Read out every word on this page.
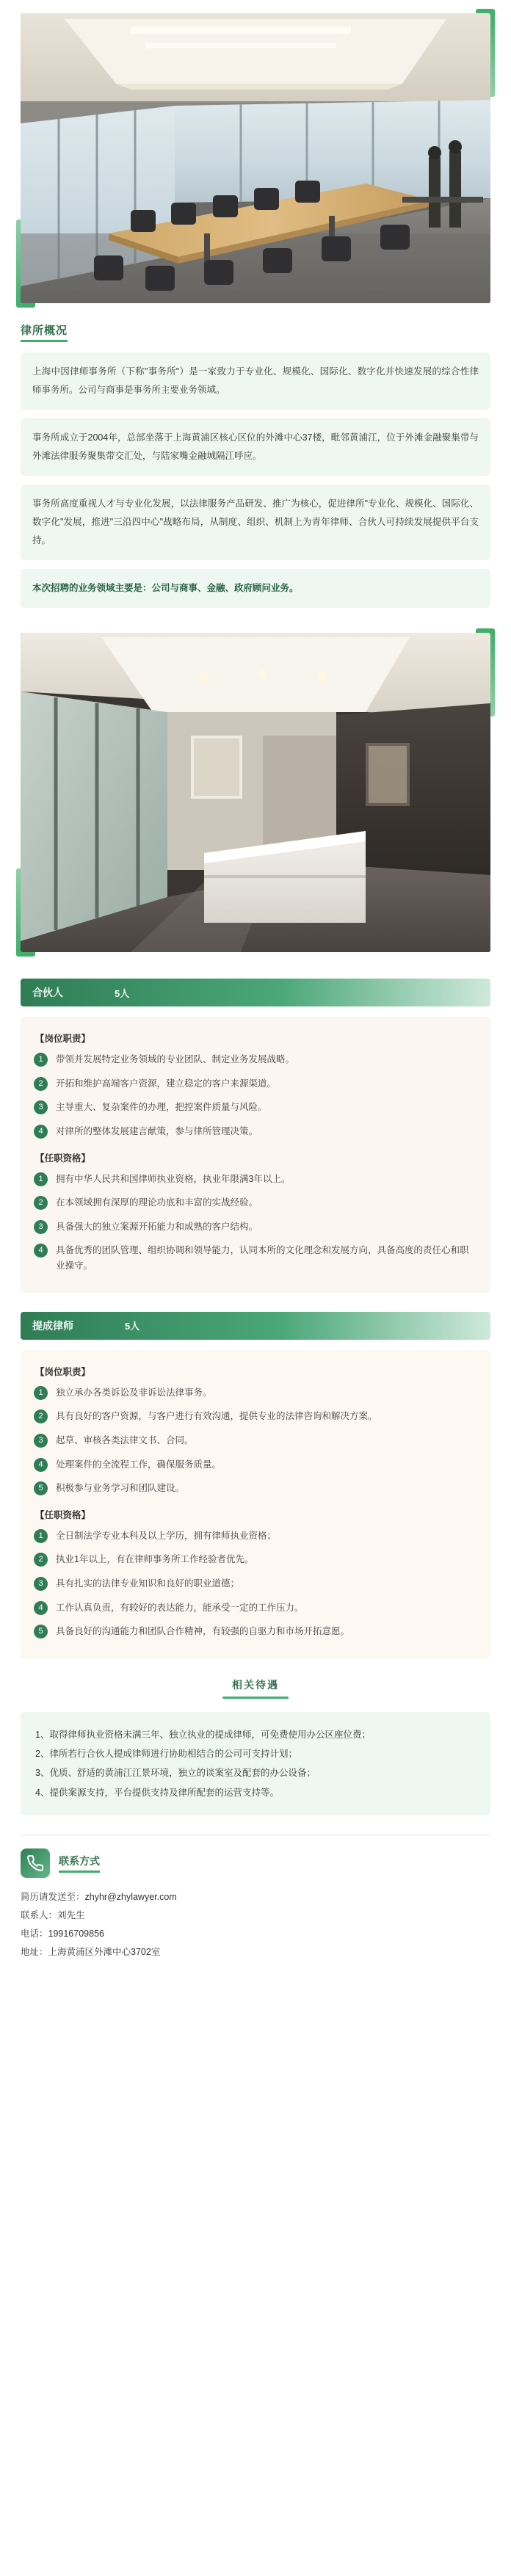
律所概况
上海中因律师事务所（下称"事务所"）是一家致力于专业化、规模化、国际化、数字化并快速发展的综合性律师事务所。公司与商事是事务所主要业务领域。
事务所成立于2004年，总部坐落于上海黄浦区核心区位的外滩中心37楼，毗邻黄浦江，位于外滩金融聚集带与外滩法律服务聚集带交汇处，与陆家嘴金融城隔江呼应。
事务所高度重视人才与专业化发展，以法律服务产品研发、推广为核心，促进律所"专业化、规模化、国际化、数字化"发展，推进"三沿四中心"战略布局，从制度、组织、机制上为青年律师、合伙人可持续发展提供平台支持。
本次招聘的业务领域主要是：公司与商事、金融、政府顾问业务。
合伙人	5人
【岗位职责】
1	带领并发展特定业务领域的专业团队、制定业务发展战略。
2	开拓和维护高端客户资源，建立稳定的客户来源渠道。
3	主导重大、复杂案件的办理，把控案件质量与风险。
4	对律所的整体发展建言献策，参与律所管理决策。
【任职资格】
1	拥有中华人民共和国律师执业资格，执业年限满3年以上。
2	在本领域拥有深厚的理论功底和丰富的实战经验。
3	具备强大的独立案源开拓能力和成熟的客户结构。
4	具备优秀的团队管理、组织协调和领导能力，认同本所的文化理念和发展方向，具备高度的责任心和职业操守。
提成律师	5人
【岗位职责】
1	独立承办各类诉讼及非诉讼法律事务。
2	具有良好的客户资源，与客户进行有效沟通，提供专业的法律咨询和解决方案。
3	起草、审核各类法律文书、合同。
4	处理案件的全流程工作，确保服务质量。
5	积极参与业务学习和团队建设。
【任职资格】
1	全日制法学专业本科及以上学历，拥有律师执业资格；
2	执业1年以上，有在律师事务所工作经验者优先。
3	具有扎实的法律专业知识和良好的职业道德；
4	工作认真负责，有较好的表达能力，能承受一定的工作压力。
5	具备良好的沟通能力和团队合作精神，有较强的自驱力和市场开拓意愿。
相关待遇
1、取得律师执业资格未满三年、独立执业的提成律师，可免费使用办公区座位费；
2、律所若行合伙人提成律师进行协助相结合的公司可支持计划；
3、优质、舒适的黄浦江江景环境，独立的谈案室及配套的办公设备；
4、提供案源支持，平台提供支持及律所配套的运营支持等。
联系方式
简历请发送至：zhyhr@zhylawyer.com
联系人：刘先生
电话：19916709856
地址：上海黄浦区外滩中心3702室
